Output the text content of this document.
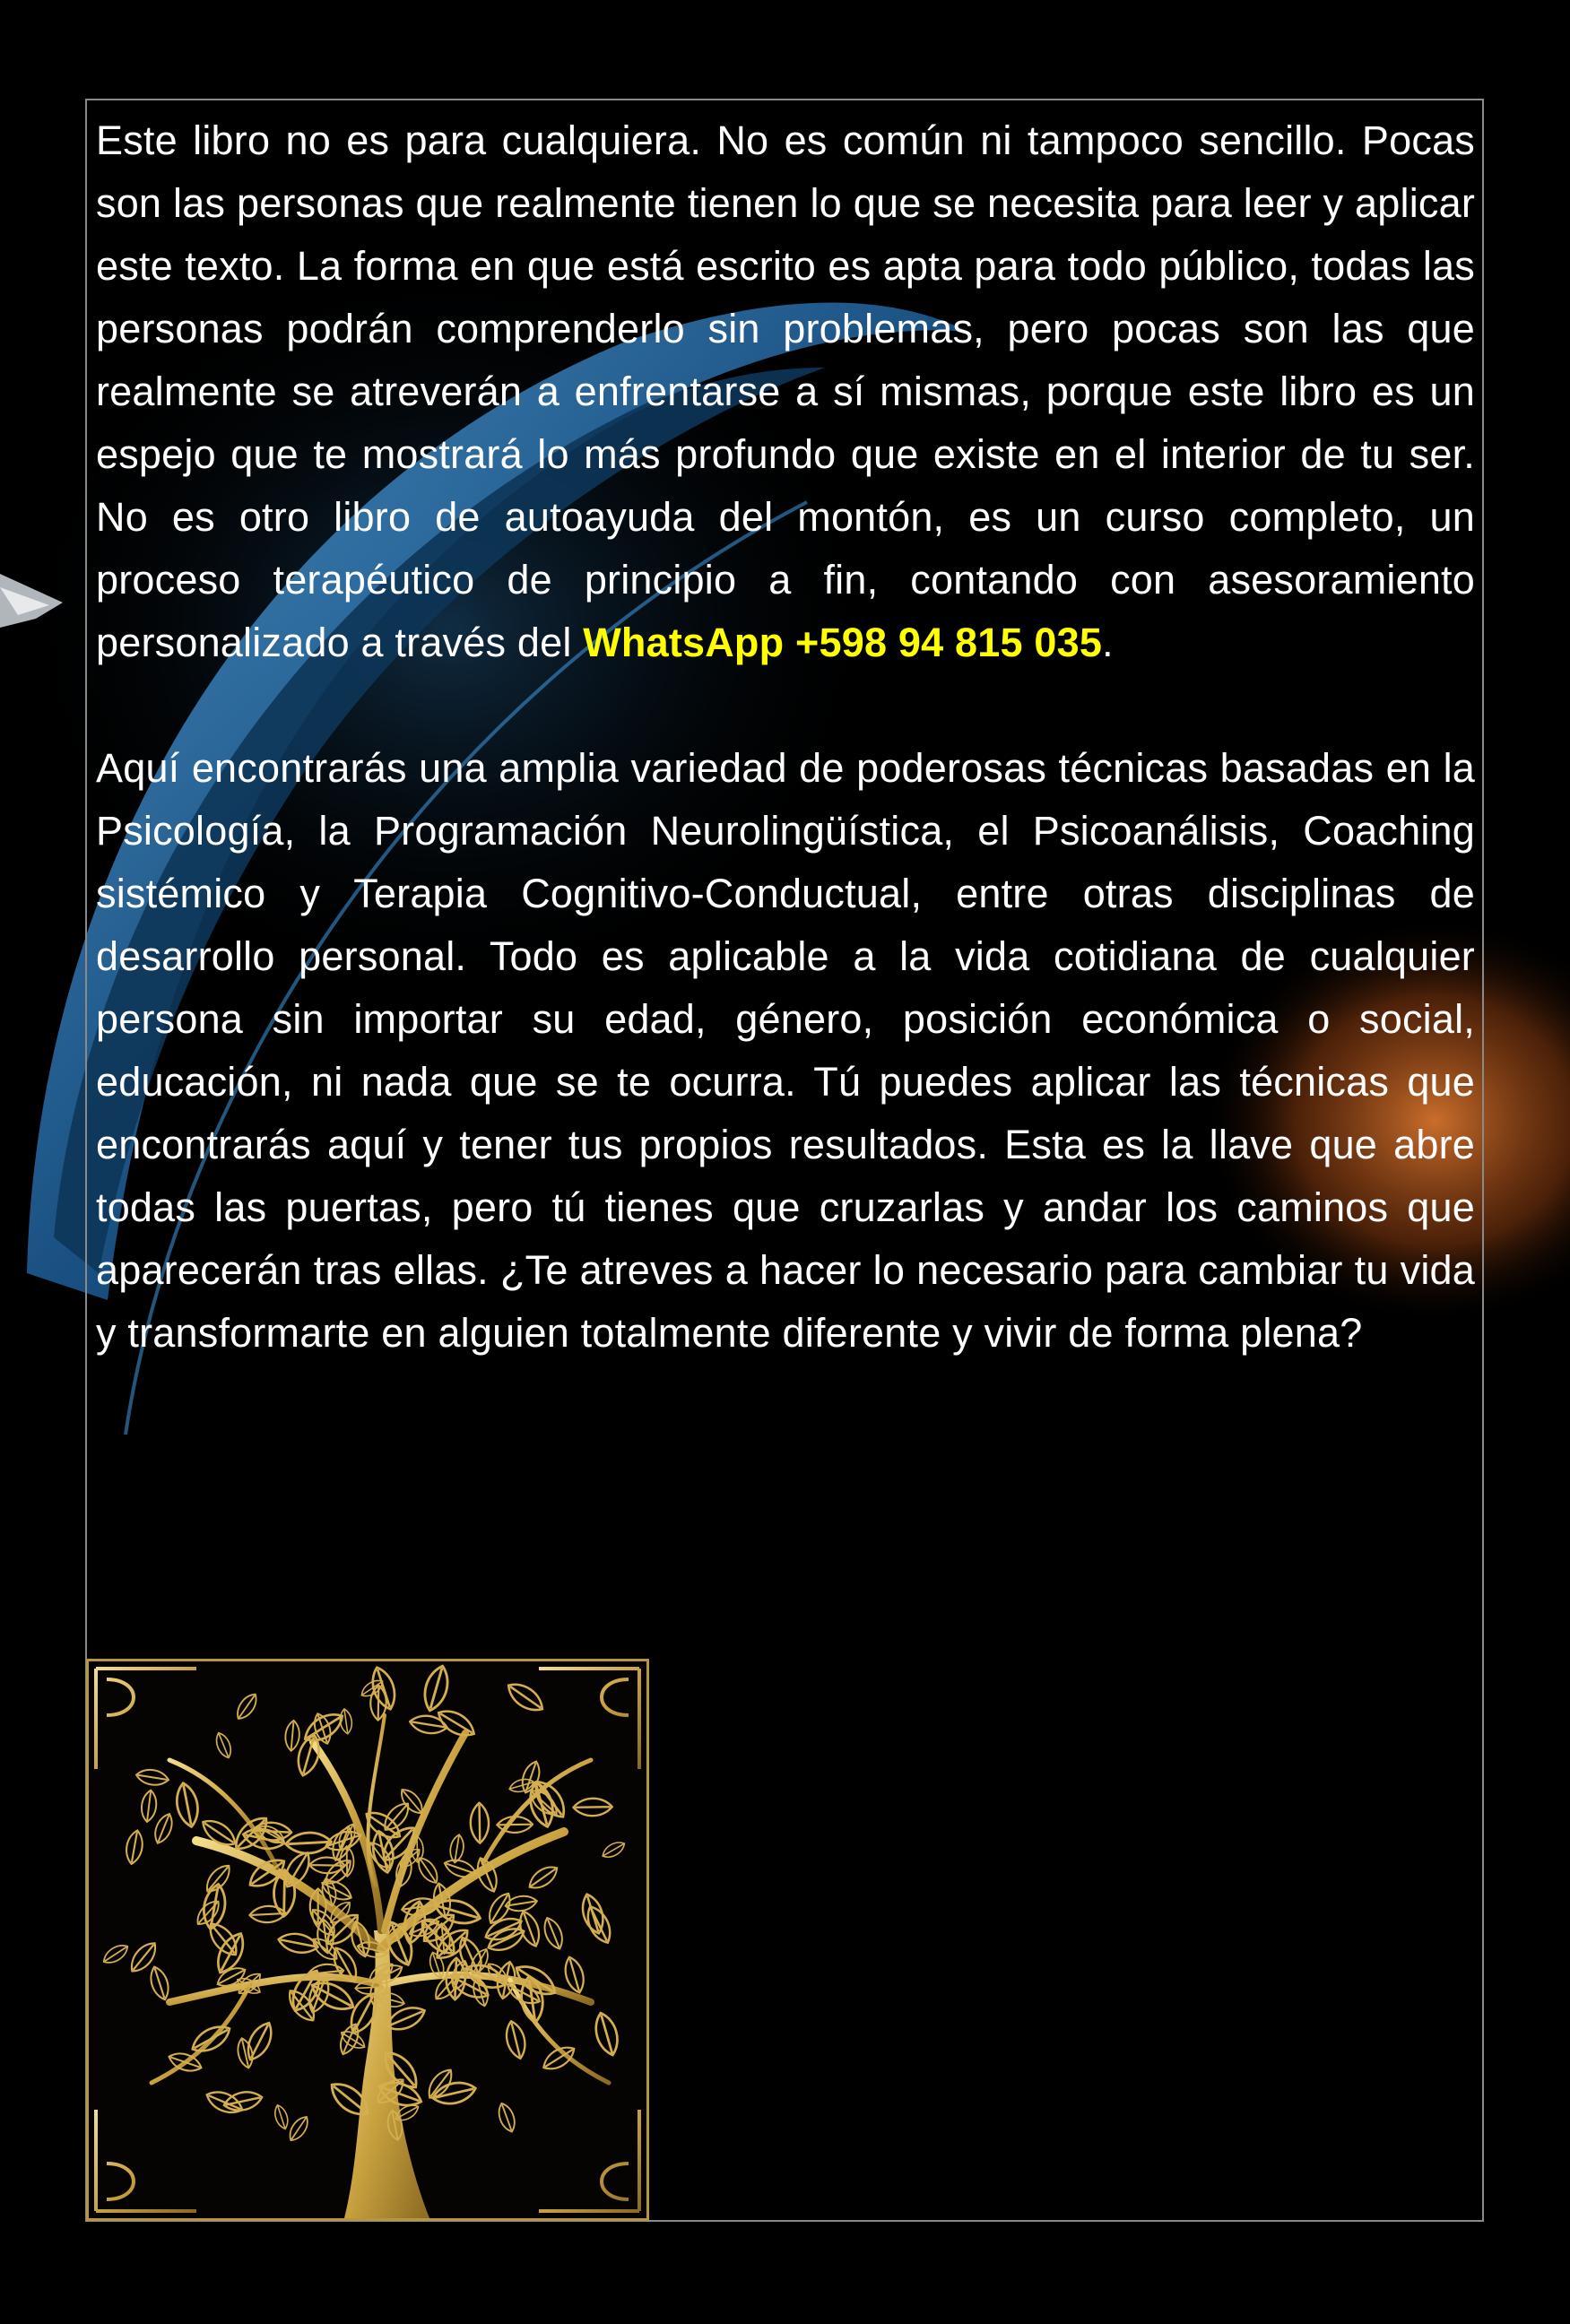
Este libro no es para cualquiera. No es común ni tampoco sencillo. Pocas son las personas que realmente tienen lo que se necesita para leer y aplicar este texto. La forma en que está escrito es apta para todo público, todas las personas podrán comprenderlo sin problemas, pero pocas son las que realmente se atreverán a enfrentarse a sí mismas, porque este libro es un espejo que te mostrará lo más profundo que existe en el interior de tu ser. No es otro libro de autoayuda del montón, es un curso completo, un proceso terapéutico de principio a fin, contando con asesoramiento personalizado a través del WhatsApp +598 94 815 035.

Aquí encontrarás una amplia variedad de poderosas técnicas basadas en la Psicología, la Programación Neurolingüística, el Psicoanálisis, Coaching sistémico y Terapia Cognitivo-Conductual, entre otras disciplinas de desarrollo personal. Todo es aplicable a la vida cotidiana de cualquier persona sin importar su edad, género, posición económica o social, educación, ni nada que se te ocurra. Tú puedes aplicar las técnicas que encontrarás aquí y tener tus propios resultados. Esta es la llave que abre todas las puertas, pero tú tienes que cruzarlas y andar los caminos que aparecerán tras ellas. ¿Te atreves a hacer lo necesario para cambiar tu vida y transformarte en alguien totalmente diferente y vivir de forma plena?
